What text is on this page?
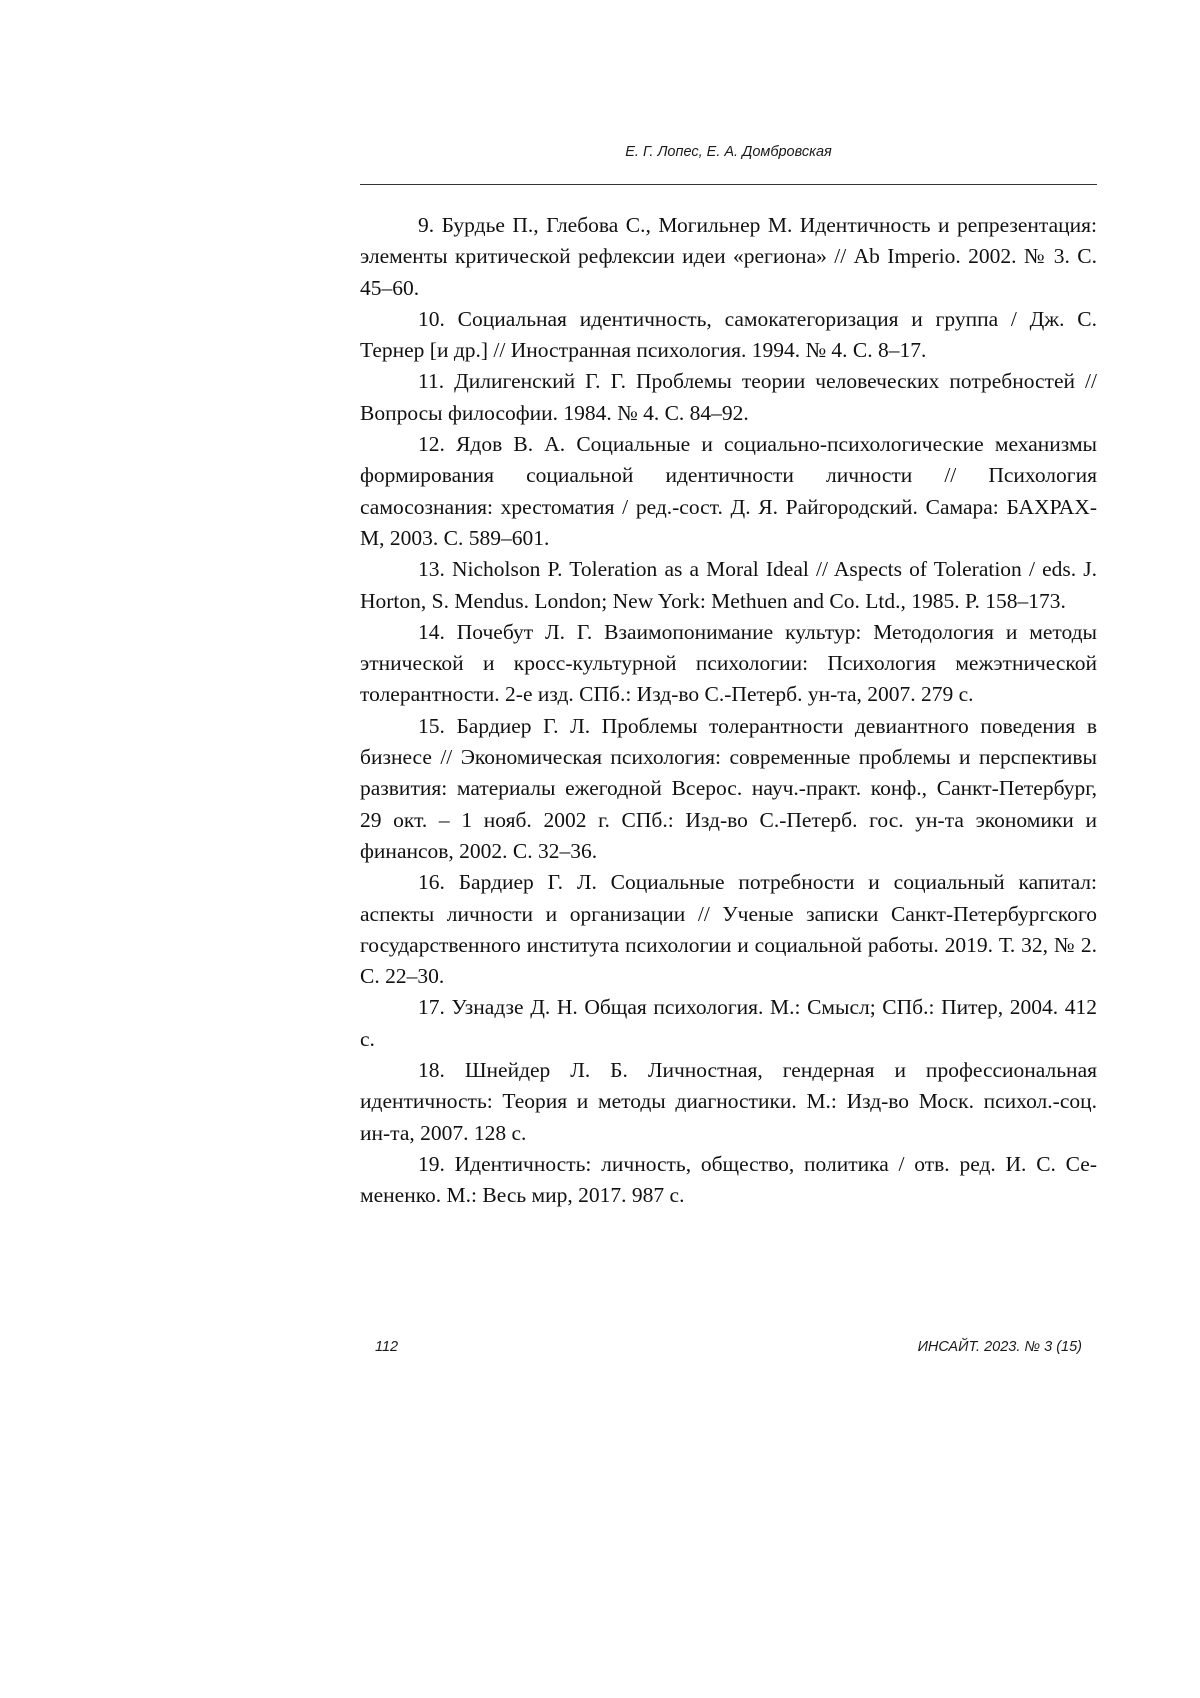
Е. Г. Лопес, Е. А. Домбровская
9. Бурдье П., Глебова С., Могильнер М. Идентичность и репрезентация: элементы критической рефлексии идеи «региона» // Ab Imperio. 2002. № 3. С. 45–60.
10. Социальная идентичность, самокатегоризация и группа / Дж. С. Тернер [и др.] // Иностранная психология. 1994. № 4. С. 8–17.
11. Дилигенский Г. Г. Проблемы теории человеческих потребностей // Вопросы философии. 1984. № 4. С. 84–92.
12. Ядов В. А. Социальные и социально-психологические механизмы формирования социальной идентичности личности // Психология самосознания: хрестоматия / ред.-сост. Д. Я. Райгородский. Самара: БАХРАХ-М, 2003. С. 589–601.
13. Nicholson P. Toleration as a Moral Ideal // Aspects of Toleration / eds. J. Horton, S. Mendus. London; New York: Methuen and Co. Ltd., 1985. P. 158–173.
14. Почебут Л. Г. Взаимопонимание культур: Методология и методы этнической и кросс-культурной психологии: Психология межэтнической толерантности. 2-е изд. СПб.: Изд-во С.-Петерб. ун-та, 2007. 279 с.
15. Бардиер Г. Л. Проблемы толерантности девиантного поведения в бизнесе // Экономическая психология: современные проблемы и перспективы развития: материалы ежегодной Всерос. науч.-практ. конф., Санкт-Петербург, 29 окт. – 1 нояб. 2002 г. СПб.: Изд-во С.-Петерб. гос. ун-та экономики и финансов, 2002. С. 32–36.
16. Бардиер Г. Л. Социальные потребности и социальный капитал: аспекты личности и организации // Ученые записки Санкт-Петербургского государственного института психологии и социальной работы. 2019. Т. 32, № 2. С. 22–30.
17. Узнадзе Д. Н. Общая психология. М.: Смысл; СПб.: Питер, 2004. 412 с.
18. Шнейдер Л. Б. Личностная, гендерная и профессиональная идентичность: Теория и методы диагностики. М.: Изд-во Моск. психол.-соц. ин-та, 2007. 128 с.
19. Идентичность: личность, общество, политика / отв. ред. И. С. Семененко. М.: Весь мир, 2017. 987 с.
112	ИНСАЙТ. 2023. № 3 (15)
